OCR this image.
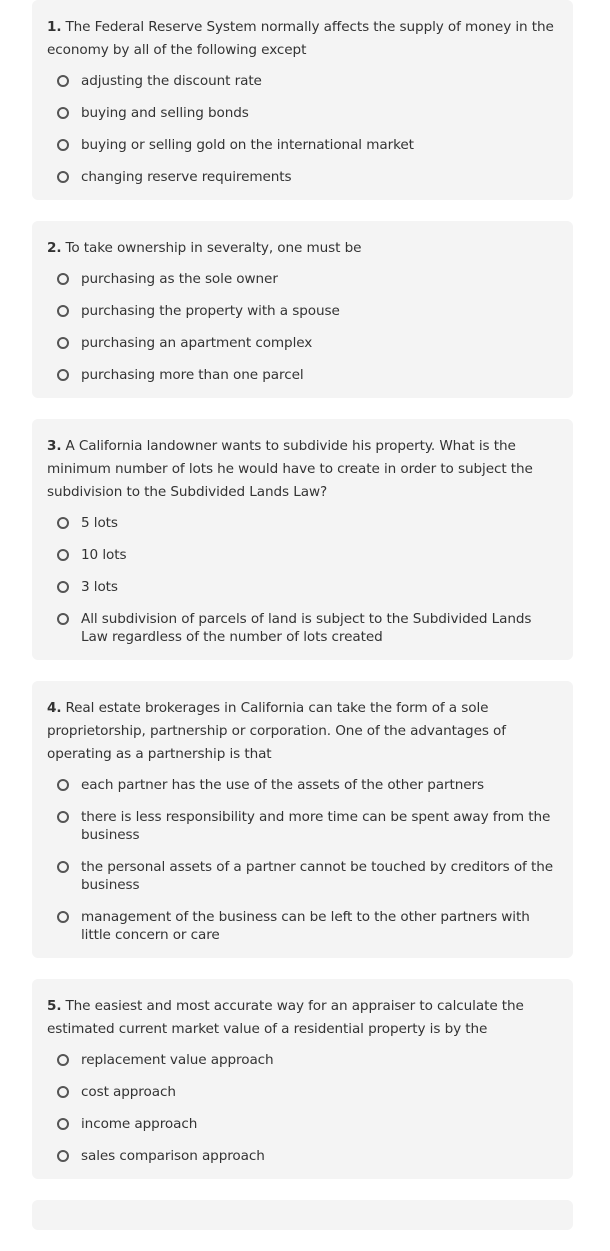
1. The Federal Reserve System normally affects the supply of money in the economy by all of the following except

adjusting the discount rate
buying and selling bonds
buying or selling gold on the international market
changing reserve requirements

2. To take ownership in severalty, one must be

purchasing as the sole owner
purchasing the property with a spouse
purchasing an apartment complex
purchasing more than one parcel

3. A California landowner wants to subdivide his property. What is the minimum number of lots he would have to create in order to subject the subdivision to the Subdivided Lands Law?

5 lots
10 lots
3 lots
All subdivision of parcels of land is subject to the Subdivided Lands Law regardless of the number of lots created

4. Real estate brokerages in California can take the form of a sole proprietorship, partnership or corporation. One of the advantages of operating as a partnership is that

each partner has the use of the assets of the other partners
there is less responsibility and more time can be spent away from the business
the personal assets of a partner cannot be touched by creditors of the business
management of the business can be left to the other partners with little concern or care

5. The easiest and most accurate way for an appraiser to calculate the estimated current market value of a residential property is by the

replacement value approach
cost approach
income approach
sales comparison approach
